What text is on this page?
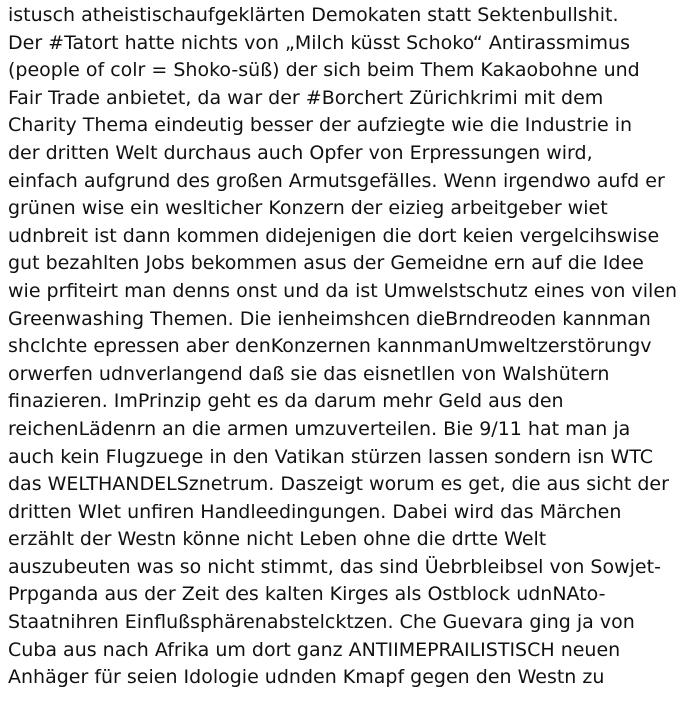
istusch atheistischaufgeklärten Demokaten statt Sektenbullshit.
Der #Tatort hatte nichts von „Milch küsst Schoko“ Antirassmimus
(people of colr = Shoko-süß) der sich beim Them Kakaobohne und
Fair Trade anbietet, da war der #Borchert Zürichkrimi mit dem
Charity Thema eindeutig besser der aufziegte wie die Industrie in
der dritten Welt durchaus auch Opfer von Erpressungen wird,
einfach aufgrund des großen Armutsgefälles. Wenn irgendwo aufd er
grünen wise ein weslticher Konzern der eizieg arbeitgeber wiet
udnbreit ist dann kommen didejenigen die dort keien vergelcihswise
gut bezahlten Jobs bekommen asus der Gemeidne ern auf die Idee
wie prfiteirt man denns onst und da ist Umwelstschutz eines von vilen
Greenwashing Themen. Die ienheimshcen dieBrndreoden kannman
shclchte epressen aber denKonzernen kannmanUmweltzerstörungv
orwerfen udnverlangend daß sie das eisnetllen von Walshütern
finazieren. ImPrinzip geht es da darum mehr Geld aus den
reichenLädenrn an die armen umzuverteilen. Bie 9/11 hat man ja
auch kein Flugzuege in den Vatikan stürzen lassen sondern isn WTC
das WELTHANDELSznetrum. Daszeigt worum es get, die aus sicht der
dritten Wlet unfiren Handleedingungen. Dabei wird das Märchen
erzählt der Westn könne nicht Leben ohne die drtte Welt
auszubeuten was so nicht stimmt, das sind Üebrbleibsel von Sowjet-
Prpganda aus der Zeit des kalten Kirges als Ostblock udnNAto-
Staatnihren Einflußsphärenabstelcktzen. Che Guevara ging ja von
Cuba aus nach Afrika um dort ganz ANTIIMEPRAILISTISCH neuen
Anhäger für seien Idologie udnden Kmapf gegen den Westn zu
